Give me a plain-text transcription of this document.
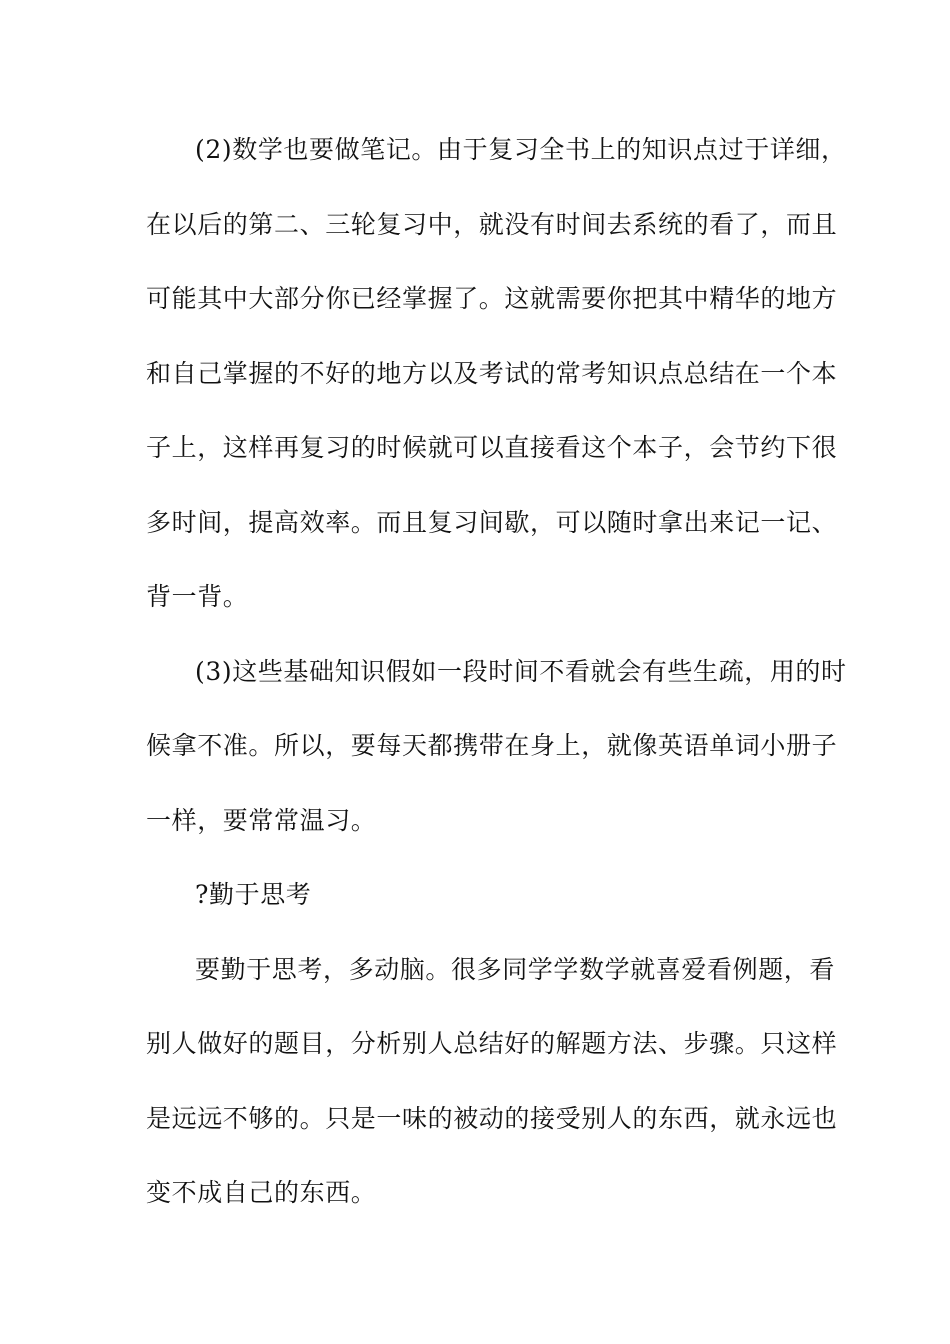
(2)数学也要做笔记。由于复习全书上的知识点过于详细，
在以后的第二、三轮复习中，就没有时间去系统的看了，而且
可能其中大部分你已经掌握了。这就需要你把其中精华的地方
和自己掌握的不好的地方以及考试的常考知识点总结在一个本
子上，这样再复习的时候就可以直接看这个本子，会节约下很
多时间，提高效率。而且复习间歇，可以随时拿出来记一记、
背一背。
(3)这些基础知识假如一段时间不看就会有些生疏，用的时
候拿不准。所以，要每天都携带在身上，就像英语单词小册子
一样，要常常温习。
?勤于思考
要勤于思考，多动脑。很多同学学数学就喜爱看例题，看
别人做好的题目，分析别人总结好的解题方法、步骤。只这样
是远远不够的。只是一味的被动的接受别人的东西，就永远也
变不成自己的东西。
